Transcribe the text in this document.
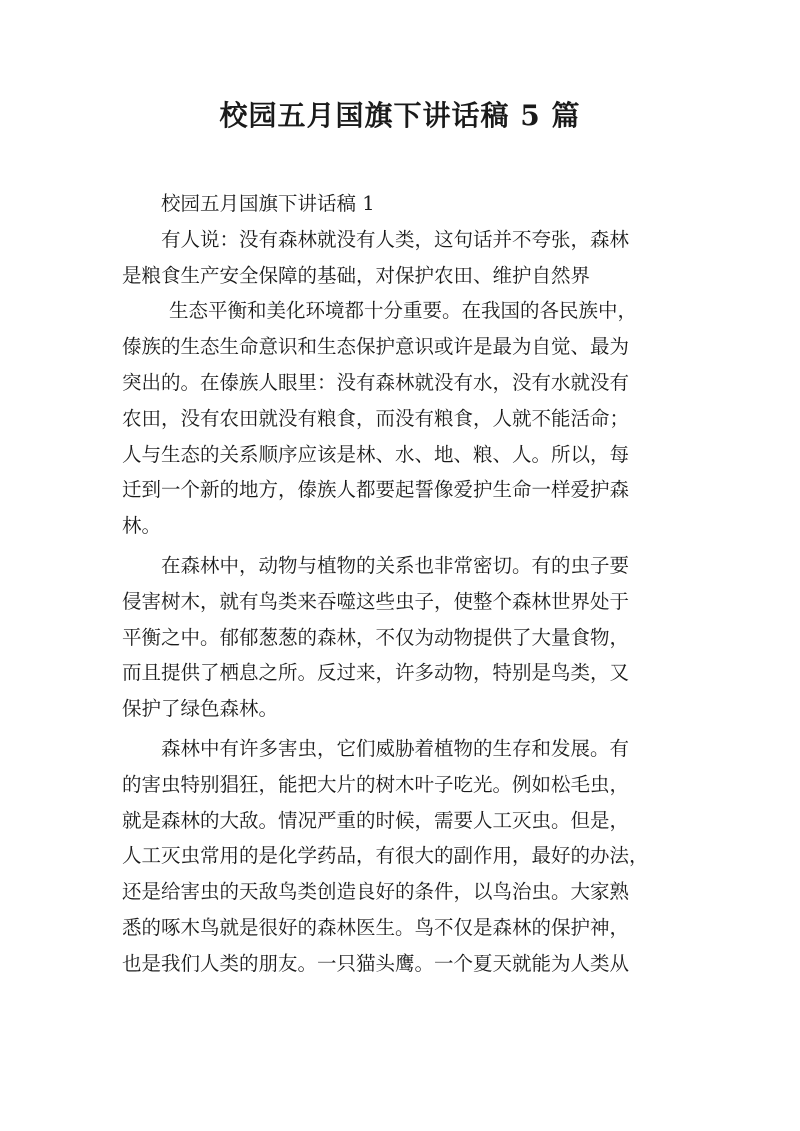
校园五月国旗下讲话稿 5 篇
校园五月国旗下讲话稿 1
有人说：没有森林就没有人类，这句话并不夸张，森林
是粮食生产安全保障的基础，对保护农田、维护自然界
生态平衡和美化环境都十分重要。在我国的各民族中，
傣族的生态生命意识和生态保护意识或许是最为自觉、最为
突出的。在傣族人眼里：没有森林就没有水，没有水就没有
农田，没有农田就没有粮食，而没有粮食，人就不能活命；
人与生态的关系顺序应该是林、水、地、粮、人。所以，每
迁到一个新的地方，傣族人都要起誓像爱护生命一样爱护森
林。
在森林中，动物与植物的关系也非常密切。有的虫子要
侵害树木，就有鸟类来吞噬这些虫子，使整个森林世界处于
平衡之中。郁郁葱葱的森林，不仅为动物提供了大量食物，
而且提供了栖息之所。反过来，许多动物，特别是鸟类，又
保护了绿色森林。
森林中有许多害虫，它们威胁着植物的生存和发展。有
的害虫特别猖狂，能把大片的树木叶子吃光。例如松毛虫，
就是森林的大敌。情况严重的时候，需要人工灭虫。但是，
人工灭虫常用的是化学药品，有很大的副作用，最好的办法，
还是给害虫的天敌鸟类创造良好的条件，以鸟治虫。大家熟
悉的啄木鸟就是很好的森林医生。鸟不仅是森林的保护神，
也是我们人类的朋友。一只猫头鹰。一个夏天就能为人类从
